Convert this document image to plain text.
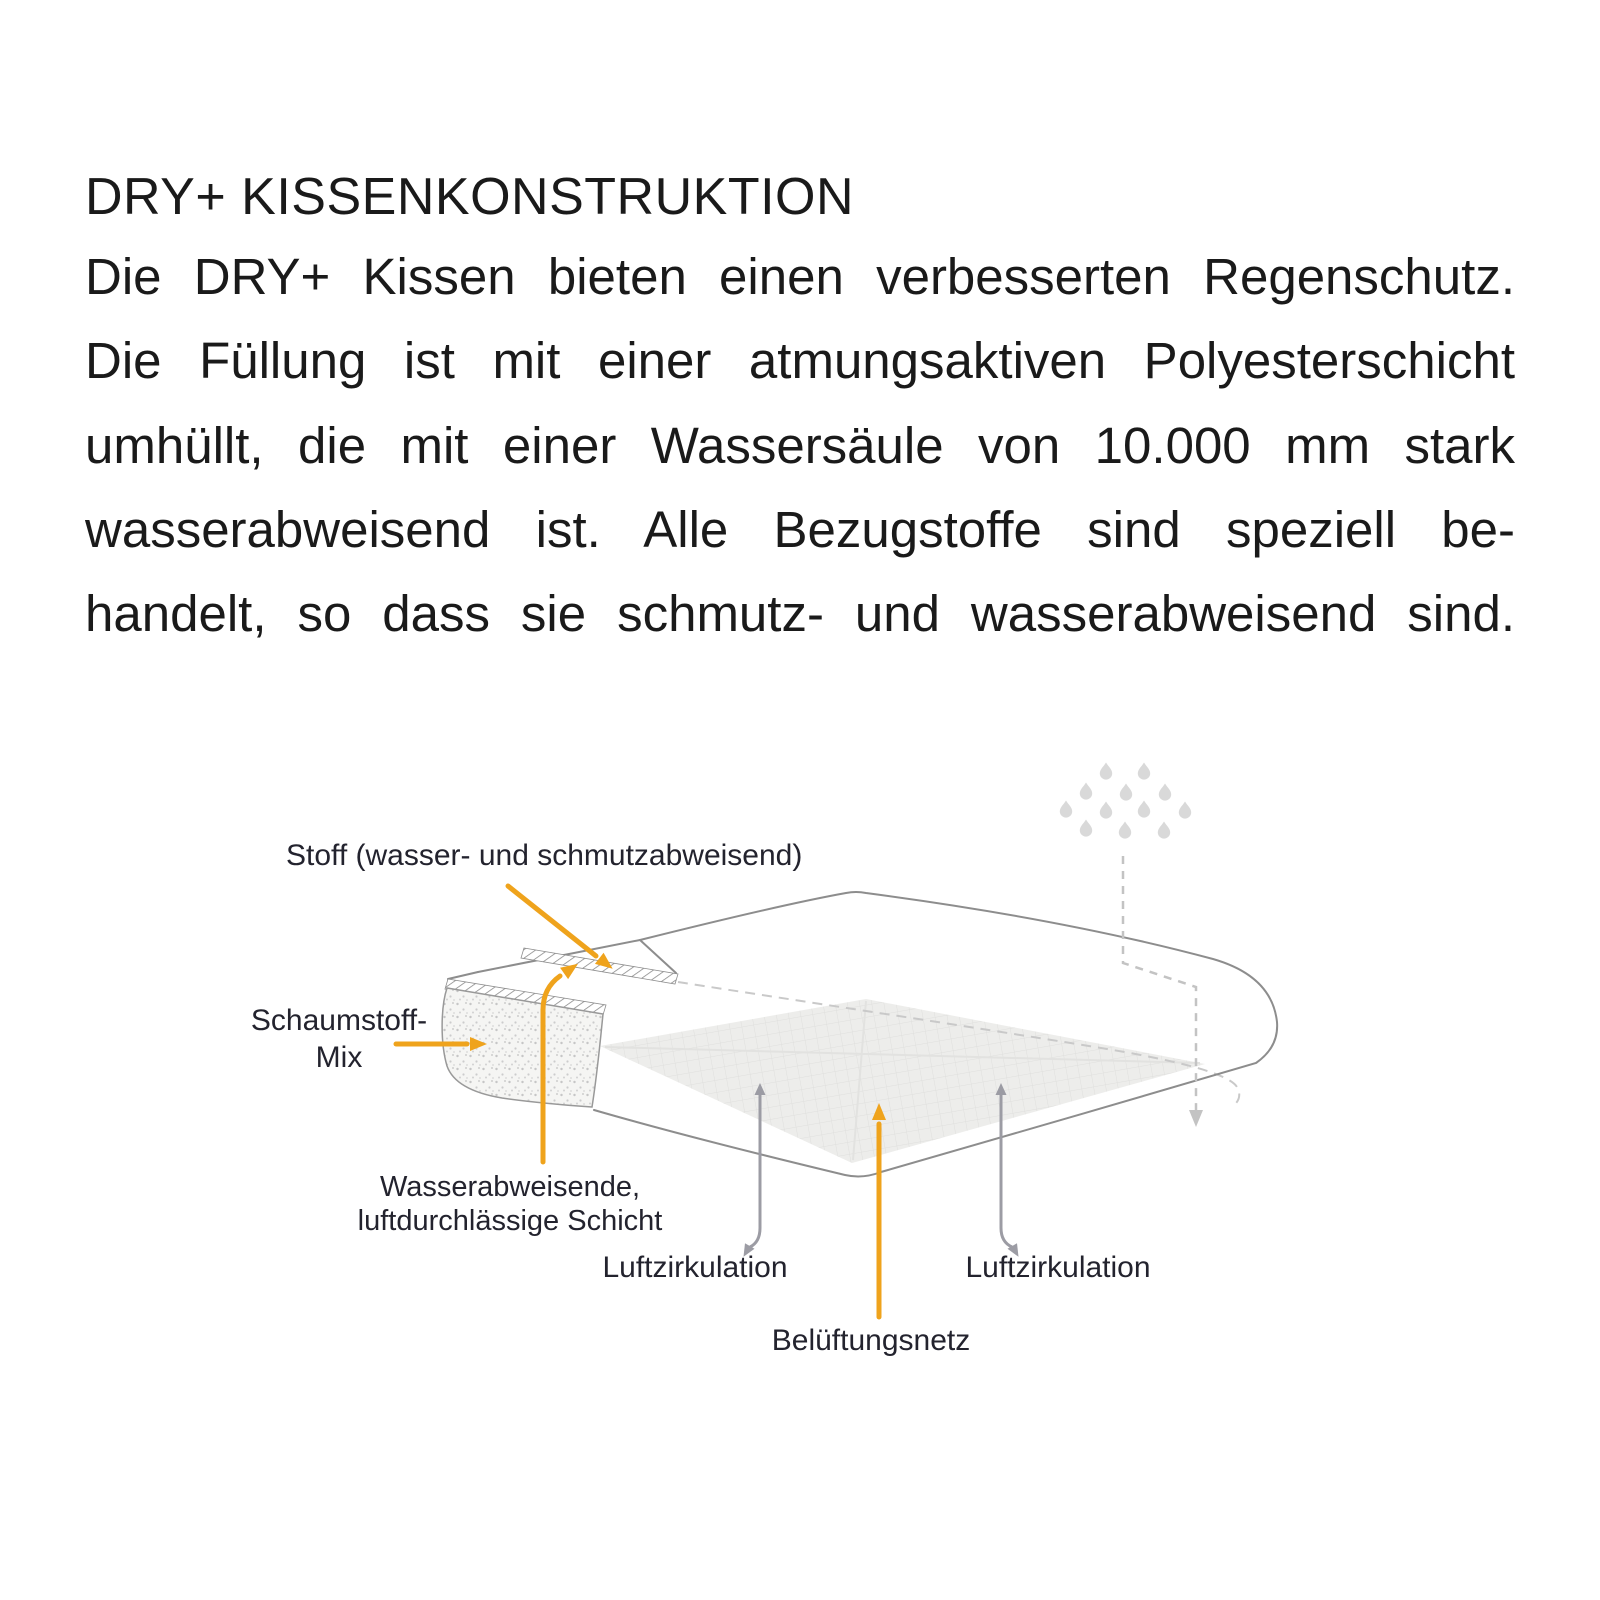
DRY+ KISSENKONSTRUKTION
Die DRY+ Kissen bieten einen verbesserten Regenschutz.
Die Füllung ist mit einer atmungsaktiven Polyesterschicht
umhüllt, die mit einer Wassersäule von 10.000 mm stark
wasserabweisend ist. Alle Bezugstoffe sind speziell be-
handelt, so dass sie schmutz- und wasserabweisend sind.
Stoff (wasser- und schmutzabweisend)
Schaumstoff-
Mix
Wasserabweisende,
luftdurchlässige Schicht
Luftzirkulation	Luftzirkulation
Belüftungsnetz
